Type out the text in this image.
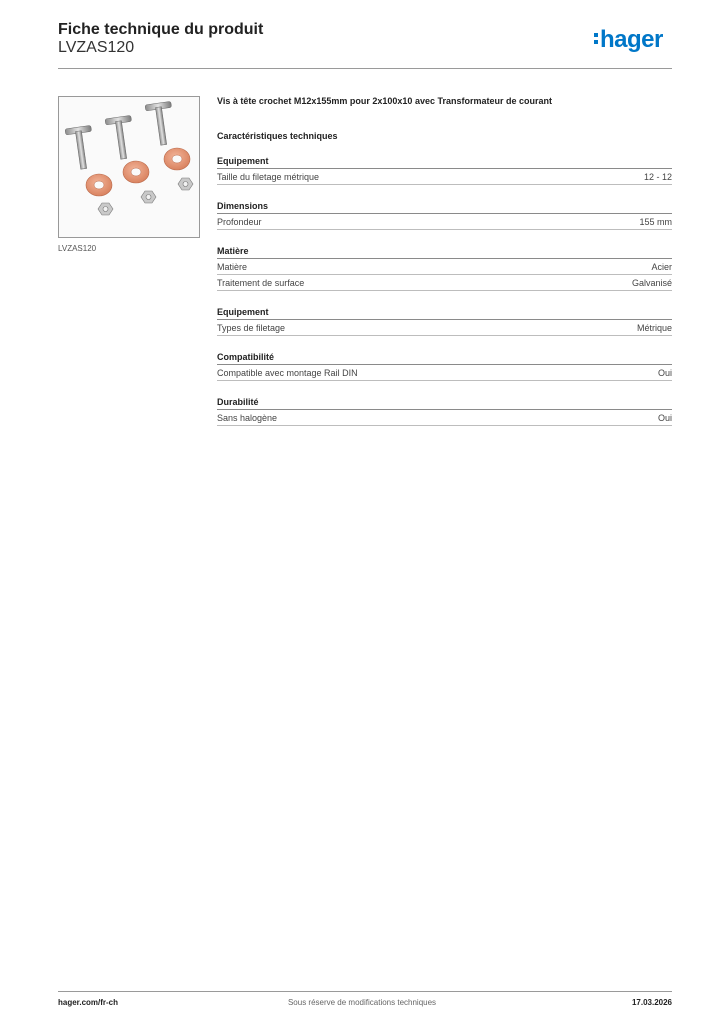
Fiche technique du produit
LVZAS120	hager
LVZAS120
Vis à tête crochet M12x155mm pour 2x100x10 avec Transformateur de courant
Caractéristiques techniques
Equipement
Taille du filetage métrique	12 - 12
Dimensions
Profondeur	155 mm
Matière
Matière	Acier
Traitement de surface	Galvanisé
Equipement
Types de filetage	Métrique
Compatibilité
Compatible avec montage Rail DIN	Oui
Durabilité
Sans halogène	Oui
hager.com/fr-ch	Sous réserve de modifications techniques	17.03.2026
